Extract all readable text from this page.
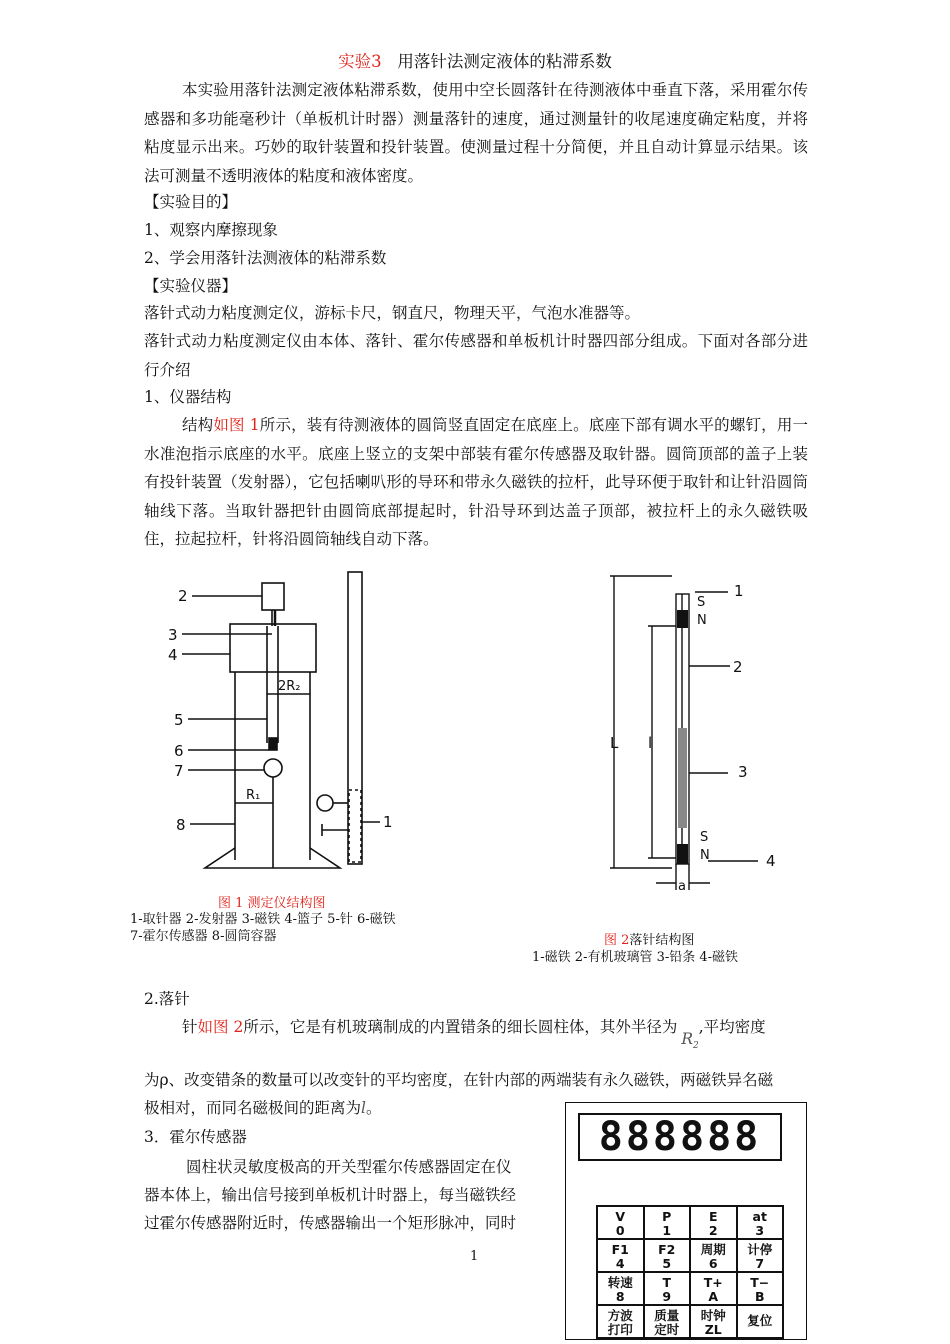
实验3 用落针法测定液体的粘滞系数
本实验用落针法测定液体粘滞系数，使用中空长圆落针在待测液体中垂直下落，采用霍尔传感器和多功能毫秒计（单板机计时器）测量落针的速度，通过测量针的收尾速度确定粘度，并将粘度显示出来。巧妙的取针装置和投针装置。使测量过程十分简便，并且自动计算显示结果。该法可测量不透明液体的粘度和液体密度。
【实验目的】
1、观察内摩擦现象
2、学会用落针法测液体的粘滞系数
【实验仪器】
落针式动力粘度测定仪，游标卡尺，钢直尺，物理天平，气泡水准器等。
落针式动力粘度测定仪由本体、落针、霍尔传感器和单板机计时器四部分组成。下面对各部分进行介绍
1、仪器结构
结构如图 1所示，装有待测液体的圆筒竖直固定在底座上。底座下部有调水平的螺钉，用一水准泡指示底座的水平。底座上竖立的支架中部装有霍尔传感器及取针器。圆筒顶部的盖子上装有投针装置（发射器），它包括喇叭形的导环和带永久磁铁的拉杆，此导环便于取针和让针沿圆筒轴线下落。当取针器把针由圆筒底部提起时，针沿导环到达盖子顶部，被拉杆上的永久磁铁吸住，拉起拉杆，针将沿圆筒轴线自动下落。
2
3
4
5
6
7
8	1
2R₂
R₁
图 1 测定仪结构图
1-取针器 2-发射器 3-磁铁 4-篮子 5-针 6-磁铁
7-霍尔传感器 8-圆筒容器
1
2
3
4
S
N
S
N
L l
a
图 2落针结构图
1-磁铁 2-有机玻璃管 3-铅条 4-磁铁
2.落针
针如图 2所示，它是有机玻璃制成的内置错条的细长圆柱体，其外半径为$R_2$,平均密度
为ρ、改变错条的数量可以改变针的平均密度，在针内部的两端装有永久磁铁，两磁铁异名磁
极相对，而同名磁极间的距离为l。
3．霍尔传感器
圆柱状灵敏度极高的开关型霍尔传感器固定在仪
器本体上，输出信号接到单板机计时器上，每当磁铁经
过霍尔传感器附近时，传感器输出一个矩形脉冲，同时
1
888888
V
0
P
1
E
2
at
3
F1
4
F2
5
周期
6
计停
7
转速
8
T
9
T+
A
T−
B
方波
打印
质量
定时
时钟
ZL
复位
